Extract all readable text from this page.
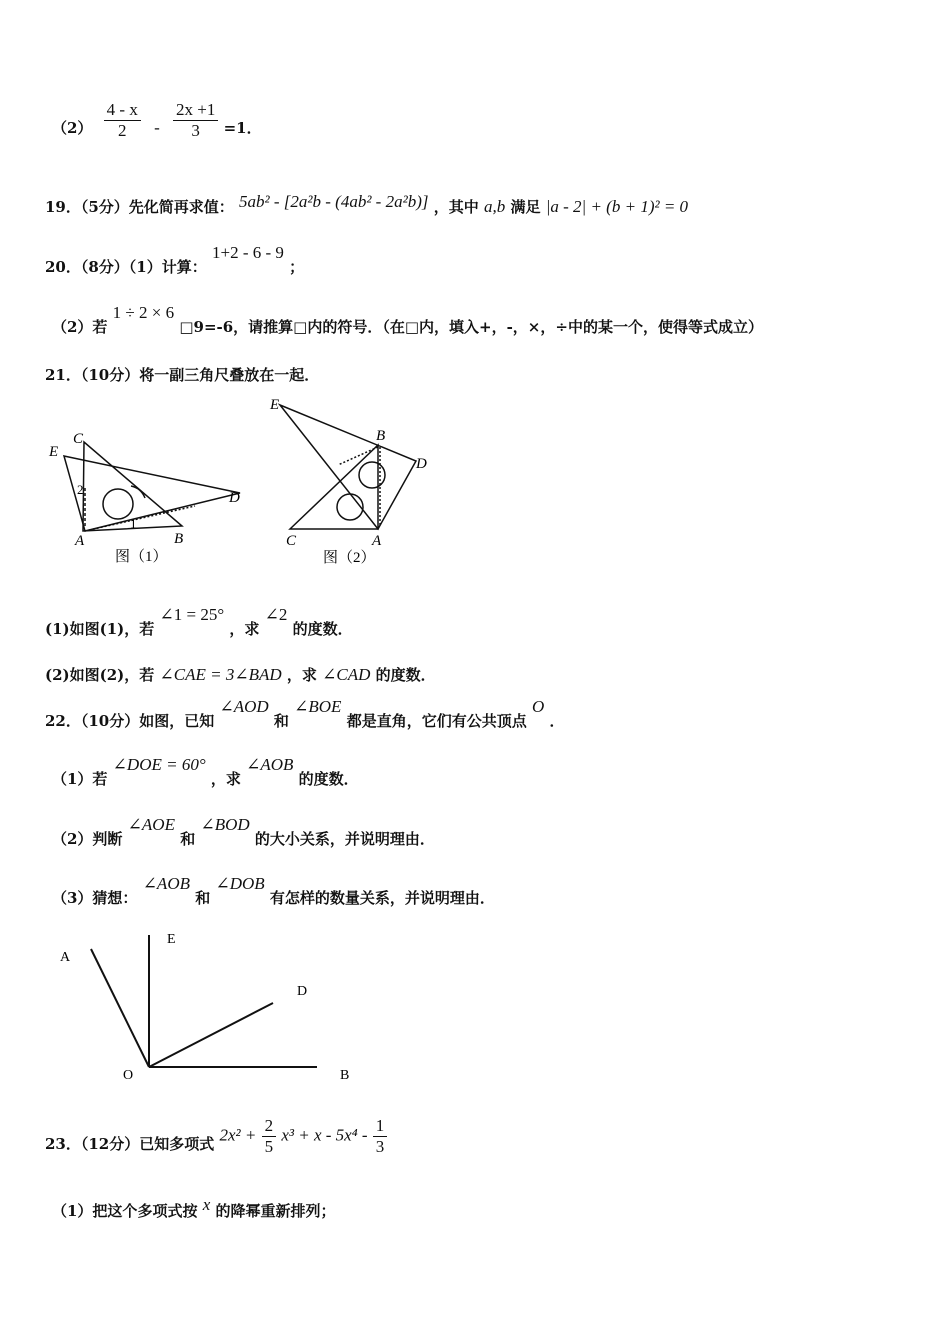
$(2) \frac{4 - x}{2} - \frac{2x +1}{3} =1$．
19．（5分）先化简再求值： 5ab² - [2a²b - (4ab² - 2a²b)] ，其中 a,b 满足 |a - 2| + (b + 1)² = 0
20．（8分）（1）计算： 1+2 - 6 - 9 ；
（2）若 1 ÷ 2 × 6 □9=-6，请推算□内的符号．（在□内，填入+，-，×，÷中的某一个，使得等式成立）
21．（10分）将一副三角尺叠放在一起．
E
C
A	B
D
2
1
图（1）
E
B
D
C	A
图（2）
(1)如图(1)，若 ∠1 = 25° ，求 ∠2 的度数．
(2)如图(2)，若 ∠CAE = 3∠BAD ，求 ∠CAD 的度数．
22．（10分）如图，已知 ∠AOD 和 ∠BOE 都是直角，它们有公共顶点 O ．
（1）若 ∠DOE = 60° ，求 ∠AOB 的度数．
（2）判断 ∠AOE 和 ∠BOD 的大小关系，并说明理由．
（3）猜想： ∠AOB 和 ∠DOB 有怎样的数量关系，并说明理由．
A
E
D
O	B
23．（12分）已知多项式 $2x^2 + \frac{2}{5} x^3 + x - 5x^4 - \frac{1}{3}$
（1）把这个多项式按 x 的降幂重新排列；
